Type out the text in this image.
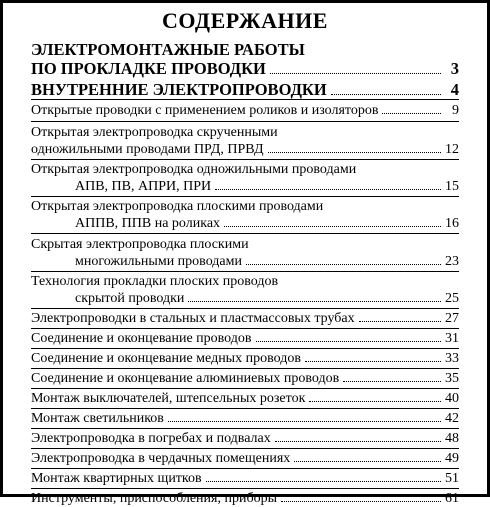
СОДЕРЖАНИЕ
ЭЛЕКТРОМОНТАЖНЫЕ РАБОТЫ
ПО ПРОКЛАДКЕ ПРОВОДКИ	3
ВНУТРЕННИЕ ЭЛЕКТРОПРОВОДКИ	4
Открытые проводки с применением роликов и изоляторов	9
Открытая электропроводка скрученными
одножильными проводами ПРД, ПРВД	12
Открытая электропроводка одножильными проводами
АПВ, ПВ, АПРИ, ПРИ	15
Открытая электропроводка плоскими проводами
АППВ, ППВ на роликах	16
Скрытая электропроводка плоскими
многожильными проводами	23
Технология прокладки плоских проводов
скрытой проводки	25
Электропроводки в стальных и пластмассовых трубах	27
Соединение и оконцевание проводов	31
Соединение и оконцевание медных проводов	33
Соединение и оконцевание алюминиевых проводов	35
Монтаж выключателей, штепсельных розеток	40
Монтаж светильников	42
Электропроводка в погребах и подвалах	48
Электропроводка в чердачных помещениях	49
Монтаж квартирных щитков	51
Инструменты, приспособления, приборы	61
